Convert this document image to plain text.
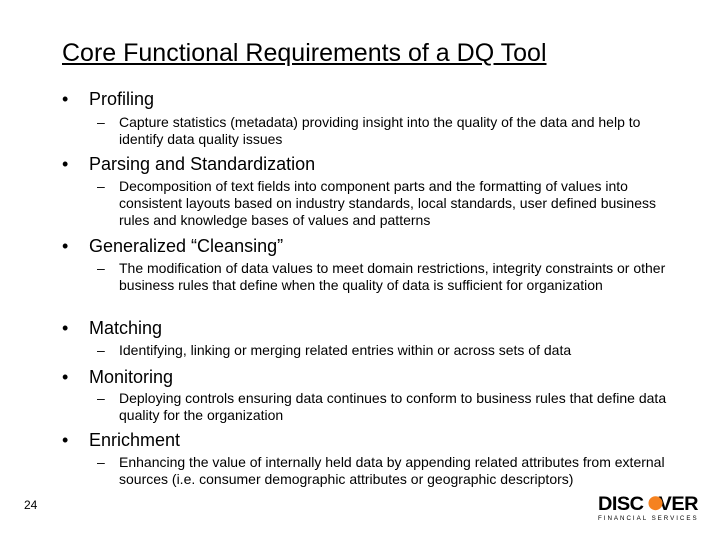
Core Functional Requirements of a DQ Tool
• Profiling
– Capture statistics (metadata) providing insight into the quality of the data and help to identify data quality issues
• Parsing and Standardization
– Decomposition of text fields into component parts and the formatting of values into consistent layouts based on industry standards, local standards, user defined business rules and knowledge bases of values and patterns
• Generalized “Cleansing”
– The modification of data values to meet domain restrictions, integrity constraints or other business rules that define when the quality of data is sufficient for organization
• Matching
– Identifying, linking or merging related entries within or across sets of data
• Monitoring
– Deploying controls ensuring data continues to conform to business rules that define data quality for the organization
• Enrichment
– Enhancing the value of internally held data by appending related attributes from external sources (i.e. consumer demographic attributes or geographic descriptors)
24	DISC VER
FINANCIAL SERVICES
